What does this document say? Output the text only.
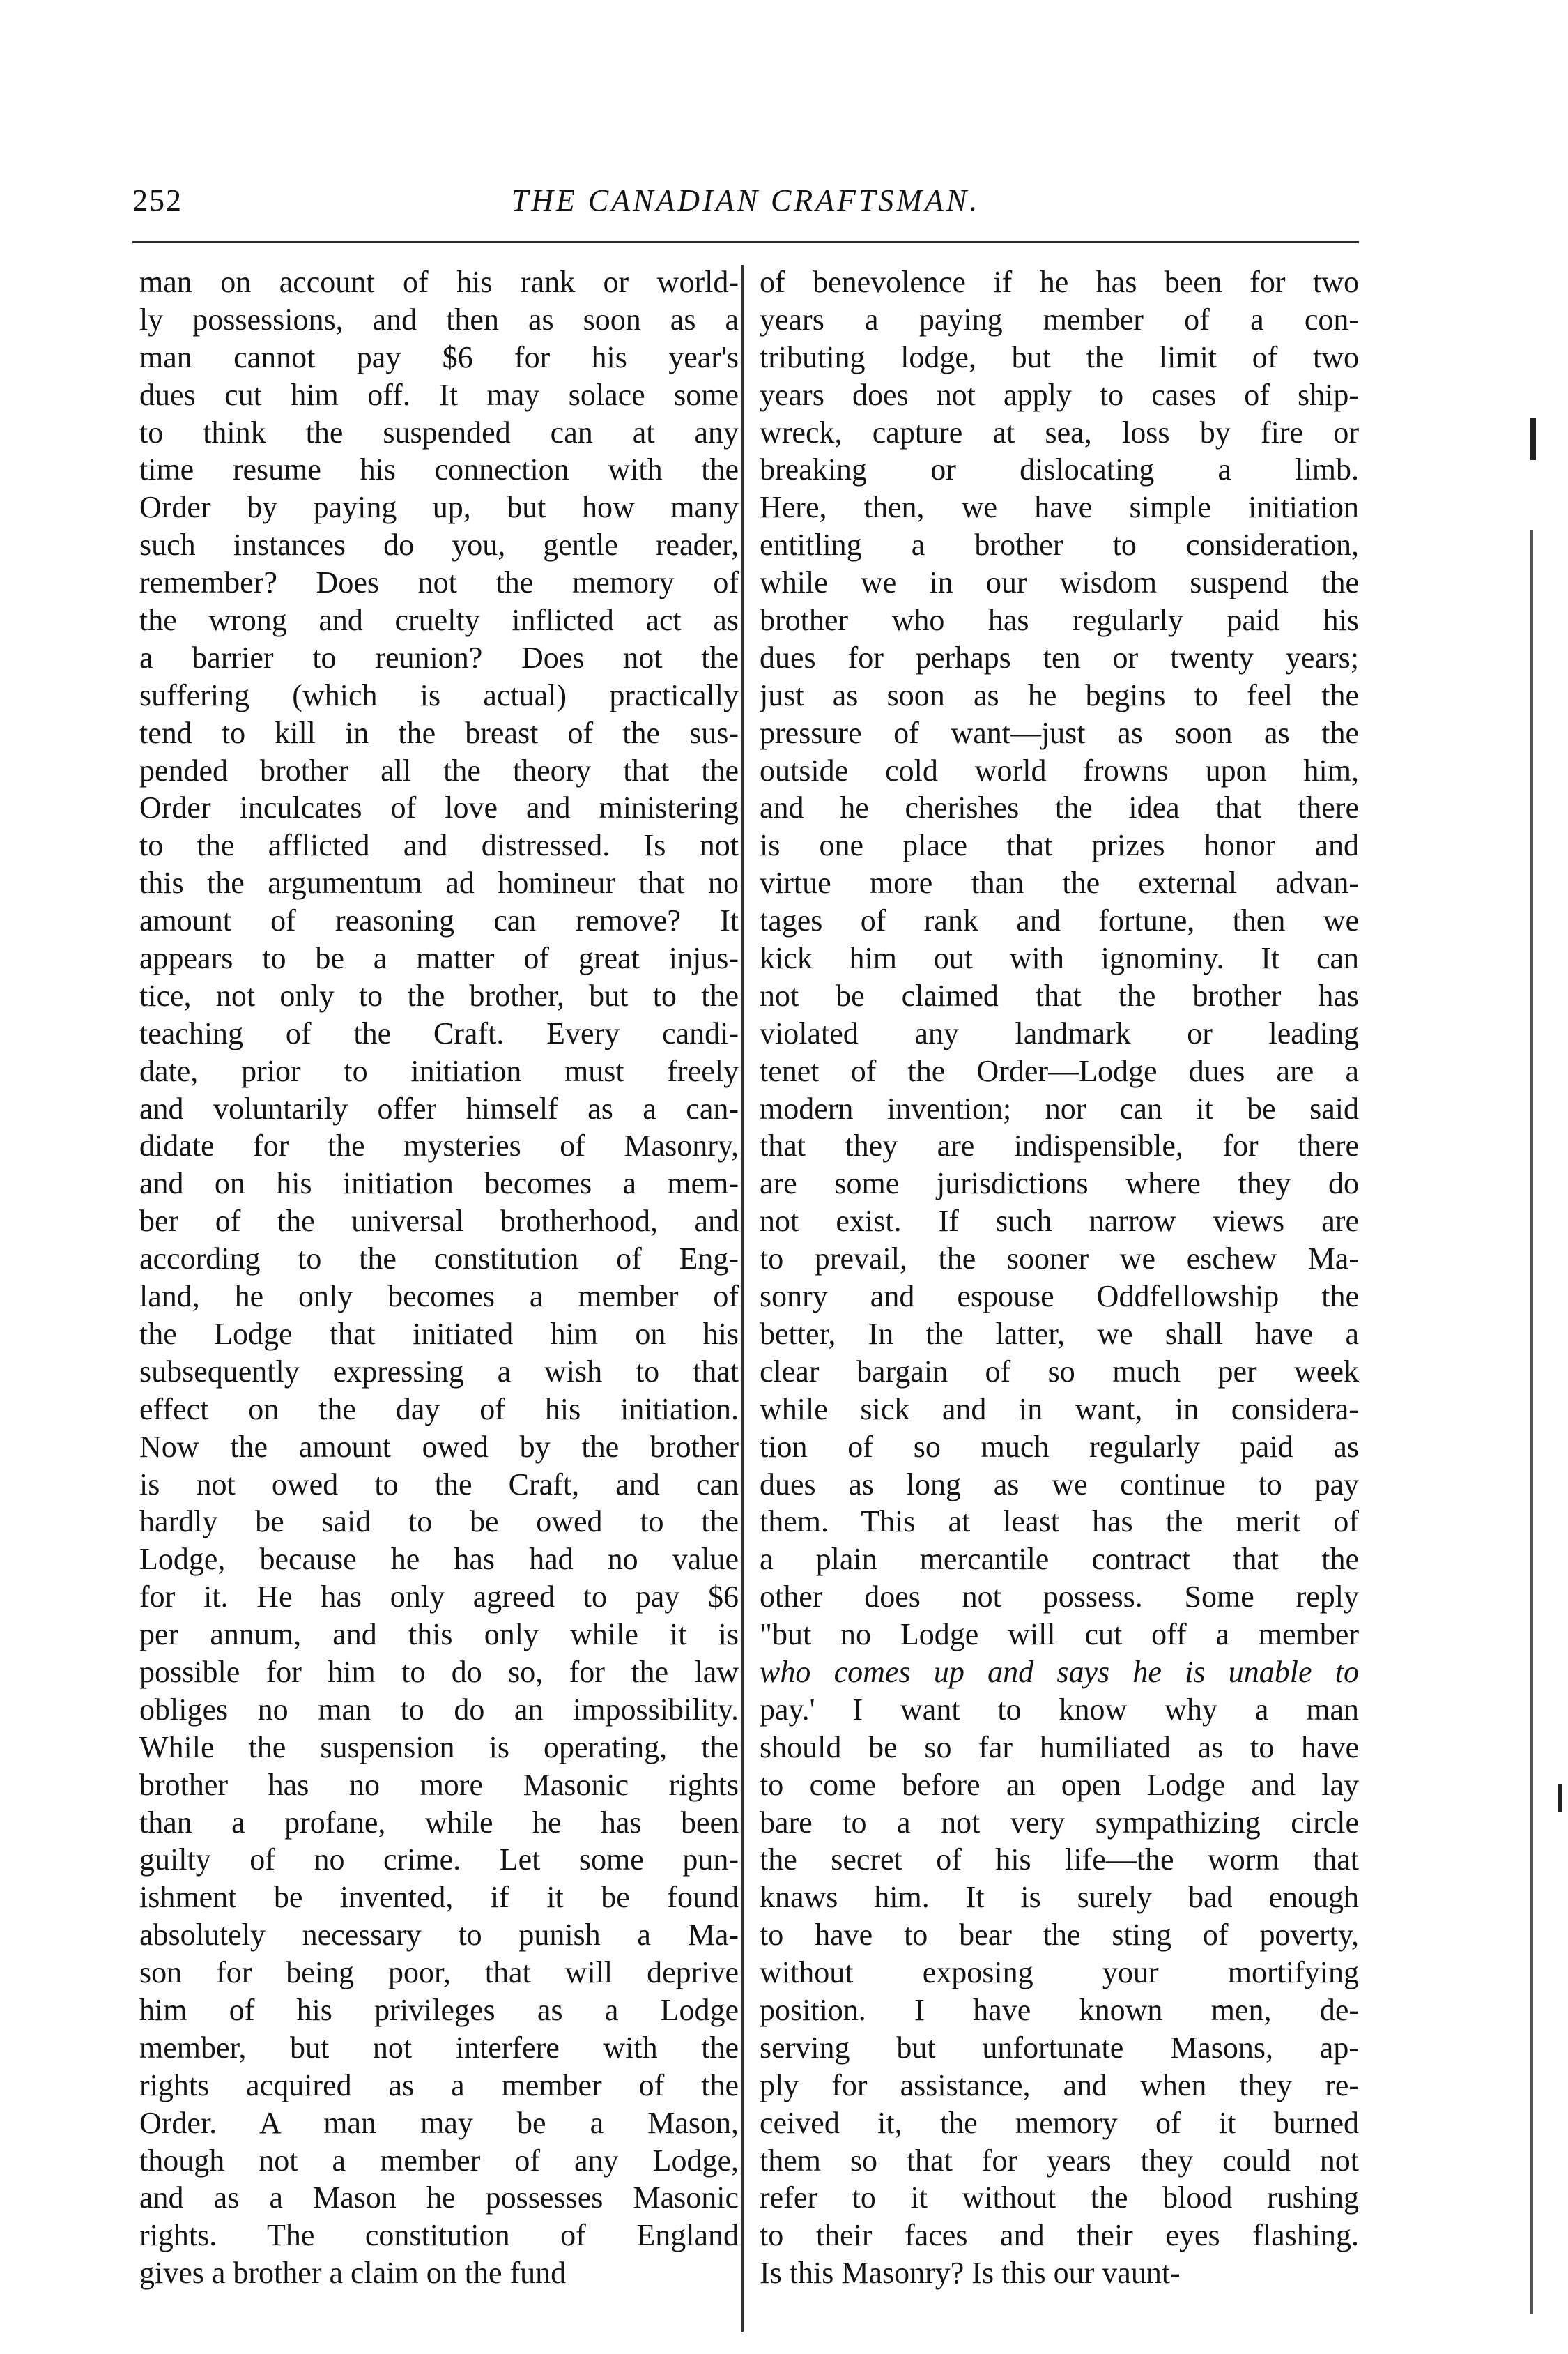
252	THE CANADIAN CRAFTSMAN.
man on account of his rank or world-
ly possessions, and then as soon as a
man cannot pay $6 for his year's
dues cut him off. It may solace some
to think the suspended can at any
time resume his connection with the
Order by paying up, but how many
such instances do you, gentle reader,
remember? Does not the memory of
the wrong and cruelty inflicted act as
a barrier to reunion? Does not the
suffering (which is actual) practically
tend to kill in the breast of the sus-
pended brother all the theory that the
Order inculcates of love and ministering
to the afflicted and distressed. Is not
this the argumentum ad homineur that no
amount of reasoning can remove? It
appears to be a matter of great injus-
tice, not only to the brother, but to the
teaching of the Craft. Every candi-
date, prior to initiation must freely
and voluntarily offer himself as a can-
didate for the mysteries of Masonry,
and on his initiation becomes a mem-
ber of the universal brotherhood, and
according to the constitution of Eng-
land, he only becomes a member of
the Lodge that initiated him on his
subsequently expressing a wish to that
effect on the day of his initiation.
Now the amount owed by the brother
is not owed to the Craft, and can
hardly be said to be owed to the
Lodge, because he has had no value
for it. He has only agreed to pay $6
per annum, and this only while it is
possible for him to do so, for the law
obliges no man to do an impossibility.
While the suspension is operating, the
brother has no more Masonic rights
than a profane, while he has been
guilty of no crime. Let some pun-
ishment be invented, if it be found
absolutely necessary to punish a Ma-
son for being poor, that will deprive
him of his privileges as a Lodge
member, but not interfere with the
rights acquired as a member of the
Order. A man may be a Mason,
though not a member of any Lodge,
and as a Mason he possesses Masonic
rights. The constitution of England
gives a brother a claim on the fund
of benevolence if he has been for two
years a paying member of a con-
tributing lodge, but the limit of two
years does not apply to cases of ship-
wreck, capture at sea, loss by fire or
breaking or dislocating a limb.
Here, then, we have simple initiation
entitling a brother to consideration,
while we in our wisdom suspend the
brother who has regularly paid his
dues for perhaps ten or twenty years;
just as soon as he begins to feel the
pressure of want—just as soon as the
outside cold world frowns upon him,
and he cherishes the idea that there
is one place that prizes honor and
virtue more than the external advan-
tages of rank and fortune, then we
kick him out with ignominy. It can
not be claimed that the brother has
violated any landmark or leading
tenet of the Order—Lodge dues are a
modern invention; nor can it be said
that they are indispensible, for there
are some jurisdictions where they do
not exist. If such narrow views are
to prevail, the sooner we eschew Ma-
sonry and espouse Oddfellowship the
better, In the latter, we shall have a
clear bargain of so much per week
while sick and in want, in considera-
tion of so much regularly paid as
dues as long as we continue to pay
them. This at least has the merit of
a plain mercantile contract that the
other does not possess. Some reply
"but no Lodge will cut off a member
who comes up and says he is unable to
pay.' I want to know why a man
should be so far humiliated as to have
to come before an open Lodge and lay
bare to a not very sympathizing circle
the secret of his life—the worm that
knaws him. It is surely bad enough
to have to bear the sting of poverty,
without exposing your mortifying
position. I have known men, de-
serving but unfortunate Masons, ap-
ply for assistance, and when they re-
ceived it, the memory of it burned
them so that for years they could not
refer to it without the blood rushing
to their faces and their eyes flashing.
Is this Masonry? Is this our vaunt-
